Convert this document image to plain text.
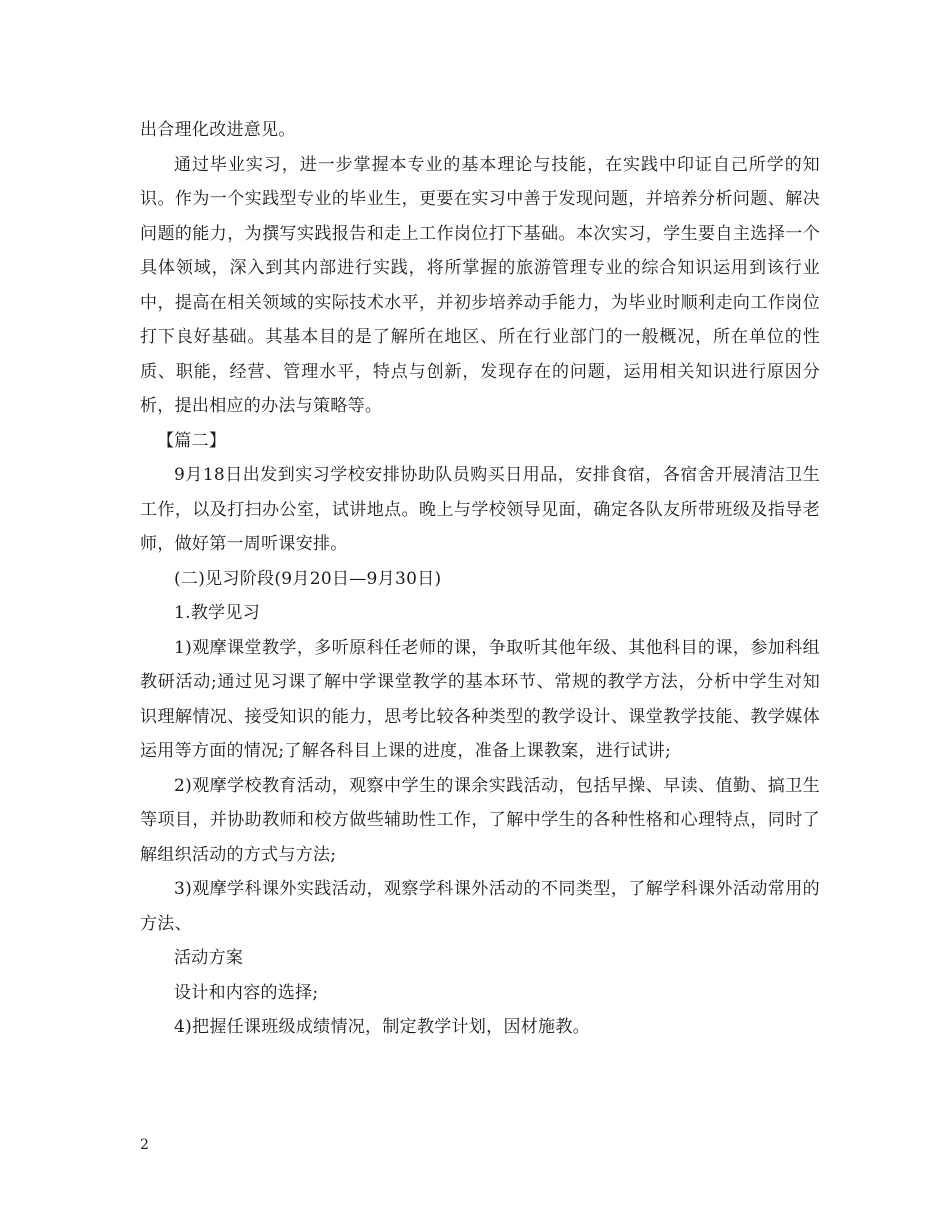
出合理化改进意见。

通过毕业实习，进一步掌握本专业的基本理论与技能，在实践中印证自己所学的知识。作为一个实践型专业的毕业生，更要在实习中善于发现问题，并培养分析问题、解决问题的能力，为撰写实践报告和走上工作岗位打下基础。本次实习，学生要自主选择一个具体领域，深入到其内部进行实践，将所掌握的旅游管理专业的综合知识运用到该行业中，提高在相关领域的实际技术水平，并初步培养动手能力，为毕业时顺利走向工作岗位打下良好基础。其基本目的是了解所在地区、所在行业部门的一般概况，所在单位的性质、职能，经营、管理水平，特点与创新，发现存在的问题，运用相关知识进行原因分析，提出相应的办法与策略等。

【篇二】

9月18日出发到实习学校安排协助队员购买日用品，安排食宿，各宿舍开展清洁卫生工作，以及打扫办公室，试讲地点。晚上与学校领导见面，确定各队友所带班级及指导老师，做好第一周听课安排。

(二)见习阶段(9月20日—9月30日)

1.教学见习

1)观摩课堂教学，多听原科任老师的课，争取听其他年级、其他科目的课，参加科组教研活动;通过见习课了解中学课堂教学的基本环节、常规的教学方法，分析中学生对知识理解情况、接受知识的能力，思考比较各种类型的教学设计、课堂教学技能、教学媒体运用等方面的情况;了解各科目上课的进度，准备上课教案，进行试讲;

2)观摩学校教育活动，观察中学生的课余实践活动，包括早操、早读、值勤、搞卫生等项目，并协助教师和校方做些辅助性工作，了解中学生的各种性格和心理特点，同时了解组织活动的方式与方法;

3)观摩学科课外实践活动，观察学科课外活动的不同类型，了解学科课外活动常用的方法、

活动方案

设计和内容的选择;

4)把握任课班级成绩情况，制定教学计划，因材施教。

2
